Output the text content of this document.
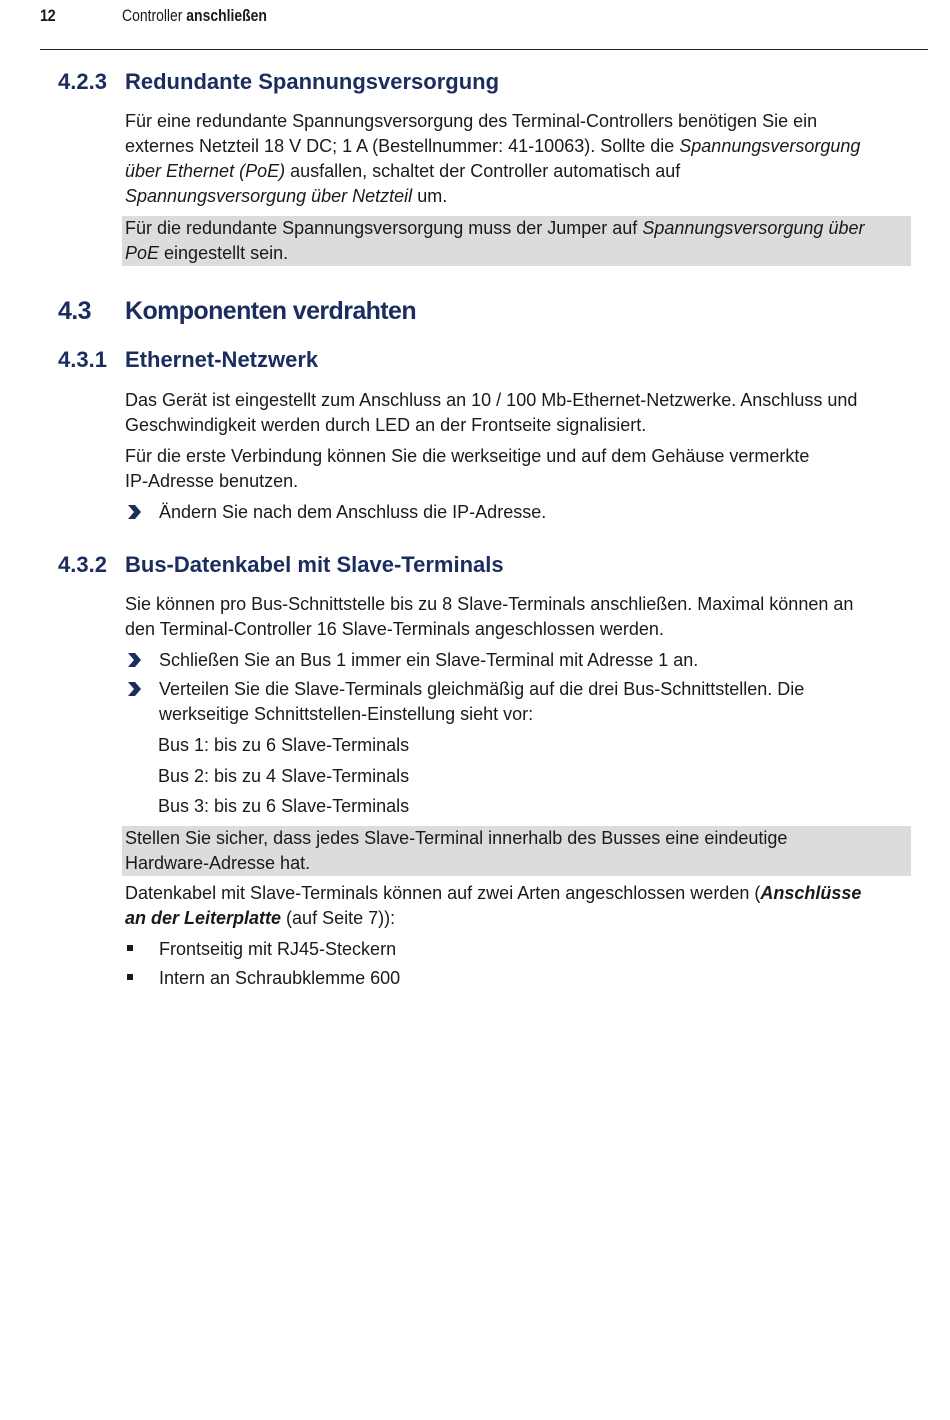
12	Controller anschließen
4.2.3 Redundante Spannungsversorgung
Für eine redundante Spannungsversorgung des Terminal-Controllers benötigen Sie ein
externes Netzteil 18 V DC; 1 A (Bestellnummer: 41-10063). Sollte die Spannungsversorgung
über Ethernet (PoE) ausfallen, schaltet der Controller automatisch auf
Spannungsversorgung über Netzteil um.
Für die redundante Spannungsversorgung muss der Jumper auf Spannungsversorgung über
PoE eingestellt sein.
4.3 Komponenten verdrahten
4.3.1 Ethernet-Netzwerk
Das Gerät ist eingestellt zum Anschluss an 10 / 100 Mb-Ethernet-Netzwerke. Anschluss und
Geschwindigkeit werden durch LED an der Frontseite signalisiert.
Für die erste Verbindung können Sie die werkseitige und auf dem Gehäuse vermerkte
IP-Adresse benutzen.
Ändern Sie nach dem Anschluss die IP-Adresse.
4.3.2 Bus-Datenkabel mit Slave-Terminals
Sie können pro Bus-Schnittstelle bis zu 8 Slave-Terminals anschließen. Maximal können an
den Terminal-Controller 16 Slave-Terminals angeschlossen werden.
Schließen Sie an Bus 1 immer ein Slave-Terminal mit Adresse 1 an.
Verteilen Sie die Slave-Terminals gleichmäßig auf die drei Bus-Schnittstellen. Die
werkseitige Schnittstellen-Einstellung sieht vor:
Bus 1: bis zu 6 Slave-Terminals
Bus 2: bis zu 4 Slave-Terminals
Bus 3: bis zu 6 Slave-Terminals
Stellen Sie sicher, dass jedes Slave-Terminal innerhalb des Busses eine eindeutige
Hardware-Adresse hat.
Datenkabel mit Slave-Terminals können auf zwei Arten angeschlossen werden (Anschlüsse
an der Leiterplatte (auf Seite 7)):
Frontseitig mit RJ45-Steckern
Intern an Schraubklemme 600
